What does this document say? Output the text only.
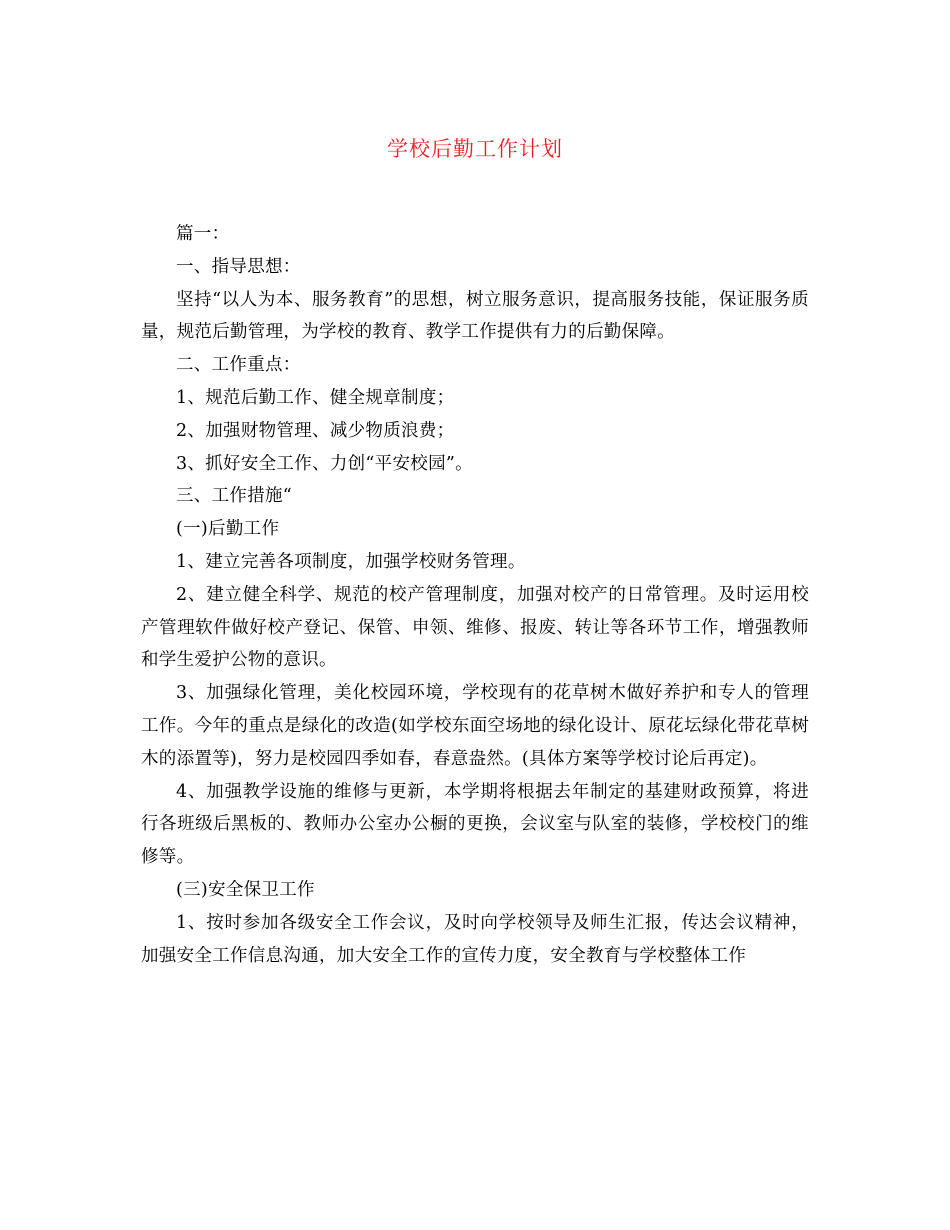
学校后勤工作计划

篇一：

一、指导思想：

坚持“以人为本、服务教育”的思想，树立服务意识，提高服务技能，保证服务质量，规范后勤管理，为学校的教育、教学工作提供有力的后勤保障。

二、工作重点：

1、规范后勤工作、健全规章制度；

2、加强财物管理、减少物质浪费；

3、抓好安全工作、力创“平安校园”。

三、工作措施“

(一)后勤工作

1、建立完善各项制度，加强学校财务管理。

2、建立健全科学、规范的校产管理制度，加强对校产的日常管理。及时运用校产管理软件做好校产登记、保管、申领、维修、报废、转让等各环节工作，增强教师和学生爱护公物的意识。

3、加强绿化管理，美化校园环境，学校现有的花草树木做好养护和专人的管理工作。今年的重点是绿化的改造(如学校东面空场地的绿化设计、原花坛绿化带花草树木的添置等)，努力是校园四季如春，春意盎然。(具体方案等学校讨论后再定)。

4、加强教学设施的维修与更新，本学期将根据去年制定的基建财政预算，将进行各班级后黑板的、教师办公室办公橱的更换，会议室与队室的装修，学校校门的维修等。

(三)安全保卫工作

1、按时参加各级安全工作会议，及时向学校领导及师生汇报，传达会议精神，加强安全工作信息沟通，加大安全工作的宣传力度，安全教育与学校整体工作
